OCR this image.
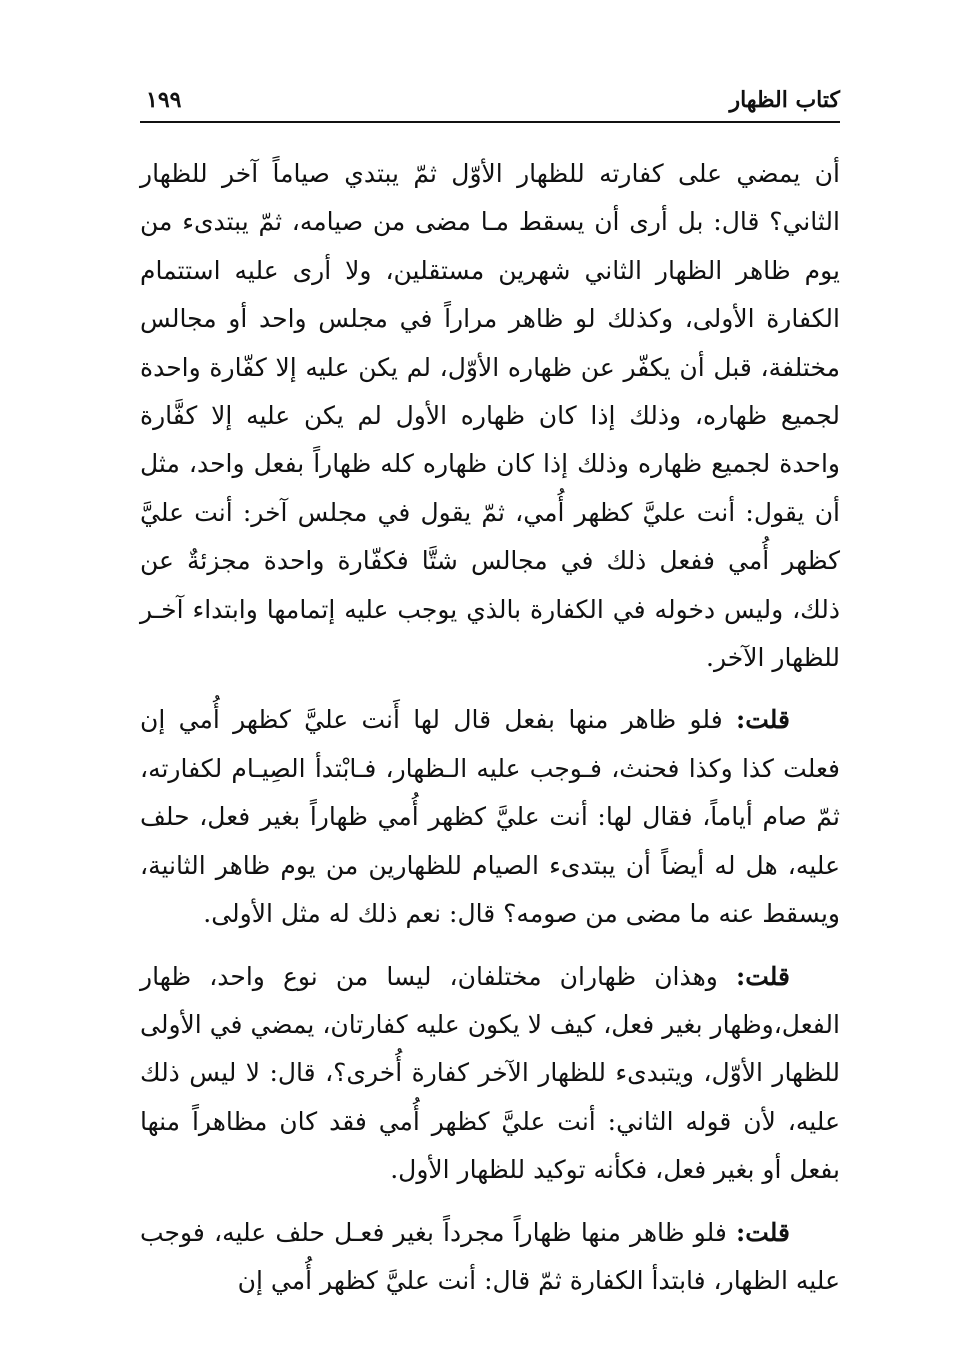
كتاب الظهار
١٩٩

أن يمضي على كفارته للظهار الأوّل ثمّ يبتدي صياماً آخر للظهار الثاني؟ قال: بل أرى أن يسقط مـا مضى من صيامه، ثمّ يبتدىء من يوم ظاهر الظهار الثاني شهرين مستقلين، ولا أرى عليه استتمام الكفارة الأولى، وكذلك لو ظاهر مراراً في مجلس واحد أو مجالس مختلفة، قبل أن يكفّر عن ظهاره الأوّل، لم يكن عليه إلا كفّارة واحدة لجميع ظهاره، وذلك إذا كان ظهاره الأول لم يكن عليه إلا كفَّارة واحدة لجميع ظهاره وذلك إذا كان ظهاره كله ظهاراً بفعل واحد، مثل أن يقول: أنت عليَّ كظهر أُمي، ثمّ يقول في مجلس آخر: أنت عليَّ كظهر أُمي ففعل ذلك في مجالس شتَّا فكفّارة واحدة مجزئةٌ عن ذلك، وليس دخوله في الكفارة بالذي يوجب عليه إتمامها وابتداء آخـر للظهار الآخر.

قلت: فلو ظاهر منها بفعل قال لها أَنت عليَّ كظهر أُمي إن فعلت كذا وكذا فحنث، فـوجب عليه الـظهار، فـابْتدأ الصِيـام لكفارته، ثمّ صام أياماً، فقال لها: أنت عليَّ كظهر أُمي ظهاراً بغير فعل، حلف عليه، هل له أيضاً أن يبتدىء الصيام للظهارين من يوم ظاهر الثانية، ويسقط عنه ما مضى من صومه؟ قال: نعم ذلك له مثل الأولى.

قلت: وهذان ظهاران مختلفان، ليسا من نوع واحد، ظهار الفعل،وظهار بغير فعل، كيف لا يكون عليه كفارتان، يمضي في الأولى للظهار الأوّل، ويتبدىء للظهار الآخر كفارة أُخرى؟، قال: لا ليس ذلك عليه، لأن قوله الثاني: أنت عليَّ كظهر أُمي فقد كان مظاهراً منها بفعل أو بغير فعل، فكأنه توكيد للظهار الأول.

قلت: فلو ظاهر منها ظهاراً مجرداً بغير فعـل حلف عليه، فوجب عليه الظهار، فابتدأ الكفارة ثمّ قال: أنت عليَّ كظهر أُمي إن
